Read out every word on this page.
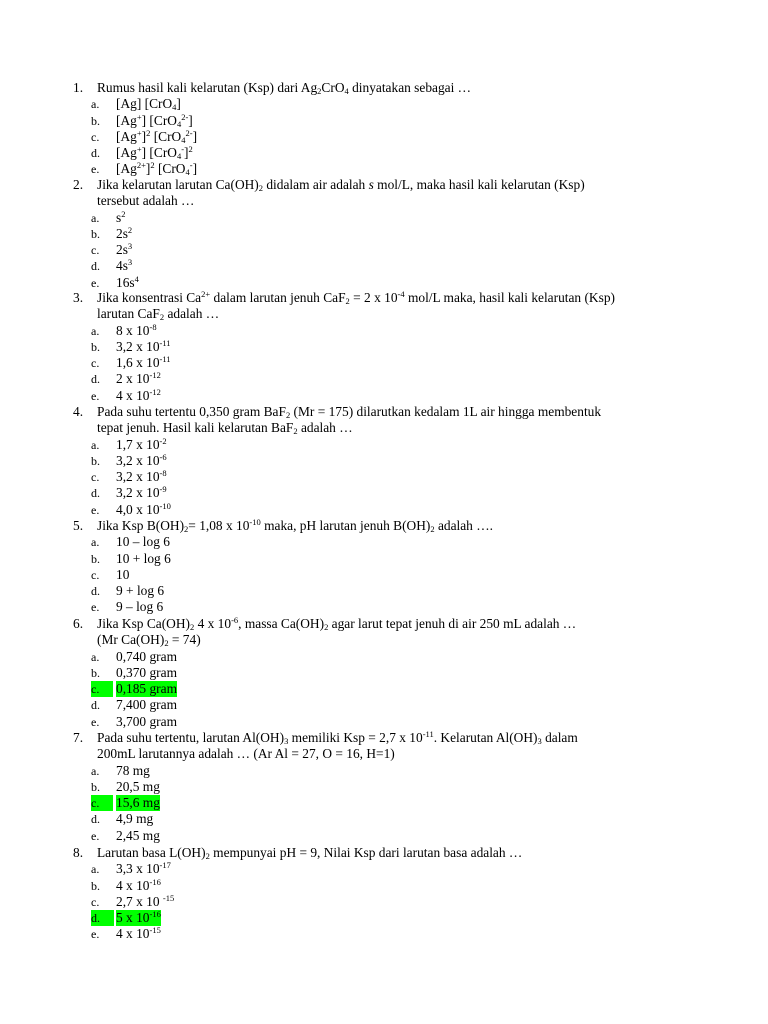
1. Rumus hasil kali kelarutan (Ksp) dari $Ag_2CrO_4$ dinyatakan sebagai …
a. [Ag] [CrO$_4$]
b. [Ag+] [CrO$_4^{2-}$]
c. $[Ag^+]^2$ [CrO$_4^{2-}$]
d. [Ag+] $[CrO_4^-]^2$
e. $[Ag^{2+}]^2$ [CrO$_4$-]
2. Jika kelarutan larutan $Ca(OH)_2$ didalam air adalah s mol/L, maka hasil kali kelarutan (Ksp)
tersebut adalah …
a. $s^2$
b. $2s^2$
c. $2s^3$
d. $4s^3$
e. $16s^4$
3. Jika konsentrasi $Ca^{2+}$ dalam larutan jenuh CaF$_2$ = 2 x $10^{-4}$ mol/L maka, hasil kali kelarutan (Ksp)
larutan CaF$_2$ adalah …
a. 8 x $10^{-8}$
b. 3,2 x $10^{-11}$
c. 1,6 x $10^{-11}$
d. 2 x $10^{-12}$
e. 4 x $10^{-12}$
4. Pada suhu tertentu 0,350 gram BaF$_2$ (Mr = 175) dilarutkan kedalam 1L air hingga membentuk
tepat jenuh. Hasil kali kelarutan BaF$_2$ adalah …
a. 1,7 x $10^{-2}$
b. 3,2 x $10^{-6}$
c. 3,2 x $10^{-8}$
d. 3,2 x $10^{-9}$
e. 4,0 x $10^{-10}$
5. Jika Ksp $B(OH)_2= 1,08$ x $10^{-10}$ maka, pH larutan jenuh $B(OH)_2$ adalah ….
a. 10 – log 6
b. 10 + log 6
c. 10
d. 9 + log 6
e. 9 – log 6
6. Jika Ksp $Ca(OH)_2$ 4 x $10^{-6}$, massa $Ca(OH)_2$ agar larut tepat jenuh di air 250 mL adalah …
(Mr $Ca(OH)_2 = 74$)
a. 0,740 gram
b. 0,370 gram
c.	0,185 gram
d. 7,400 gram
e. 3,700 gram
7. Pada suhu tertentu, larutan $Al(OH)_3$ memiliki Ksp = 2,7 x $10^{-11}$. Kelarutan $Al(OH)_3$ dalam
200mL larutannya adalah … (Ar Al = 27, O = 16, H=1)
a. 78 mg
b. 20,5 mg
c.	15,6 mg
d. 4,9 mg
e. 2,45 mg
8. Larutan basa $L(OH)_2$ mempunyai pH = 9, Nilai Ksp dari larutan basa adalah …
a. 3,3 x $10^{-17}$
b. 4 x $10^{-16}$
c. 2,7 x 10 $^{-15}$
d.	5 x $10^{-16}$
e. 4 x $10^{-15}$
